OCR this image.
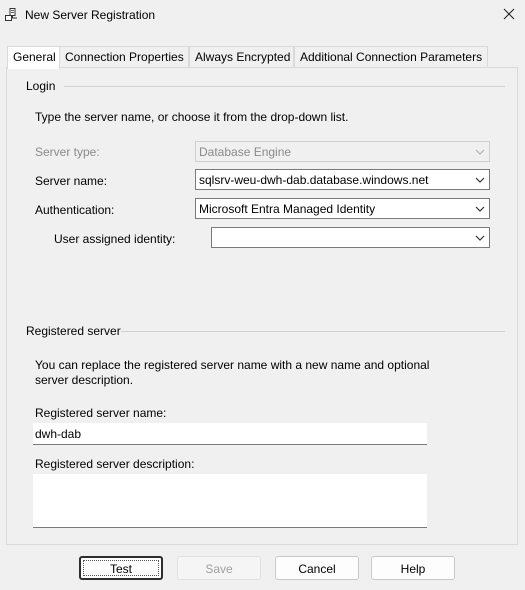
New Server Registration
General Connection Properties Always Encrypted Additional Connection Parameters
Login
Type the server name, or choose it from the drop-down list.
Server type:	Database Engine
Server name:	sqlsrv-weu-dwh-dab.database.windows.net
Authentication:	Microsoft Entra Managed Identity
User assigned identity:
Registered server
You can replace the registered server name with a new name and optional
server description.
Registered server name:
dwh-dab
Registered server description:
Test	Save	Cancel	Help
